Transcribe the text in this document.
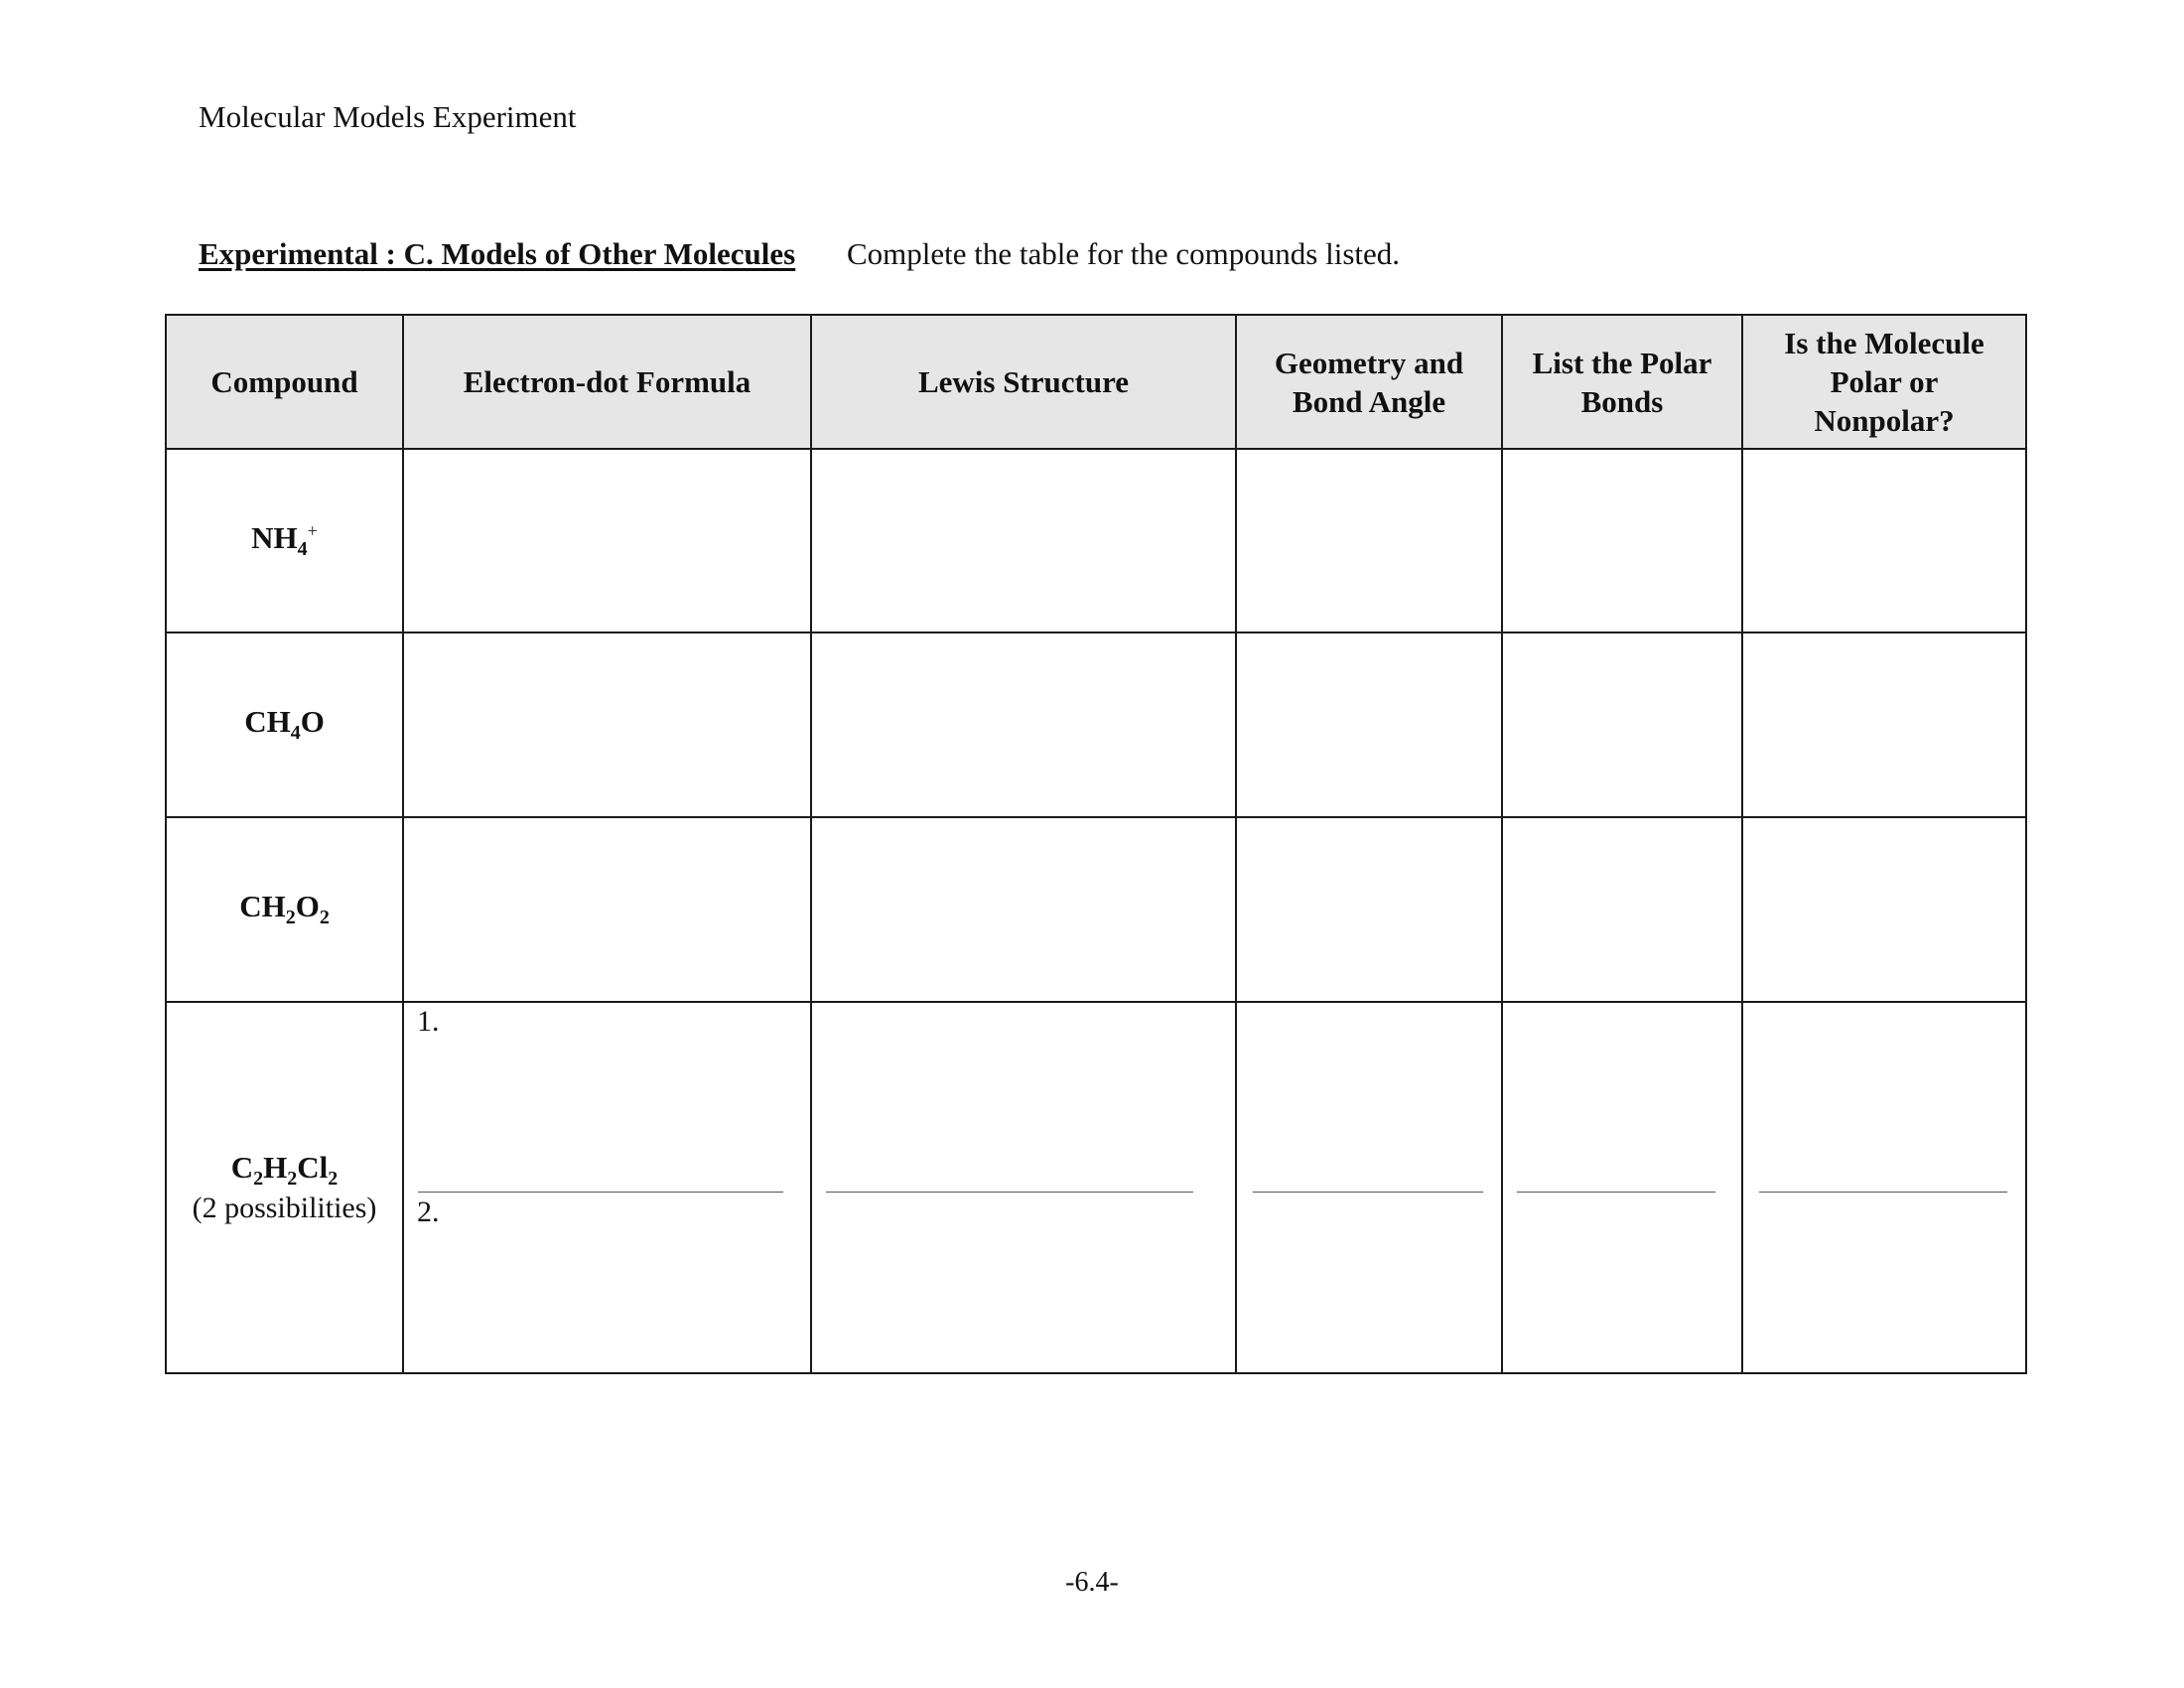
Molecular Models Experiment
Experimental : C. Models of Other Molecules Complete the table for the compounds listed.
Compound	Electron-dot Formula	Lewis Structure
Geometry and Bond Angle
List the Polar Bonds
Is the Molecule Polar or Nonpolar?
$NH_4^+$
$CH_4O$
$CH_2O_2$
$C_2H_2Cl_2$
(2 possibilities)
1.
2.
-6.4-
